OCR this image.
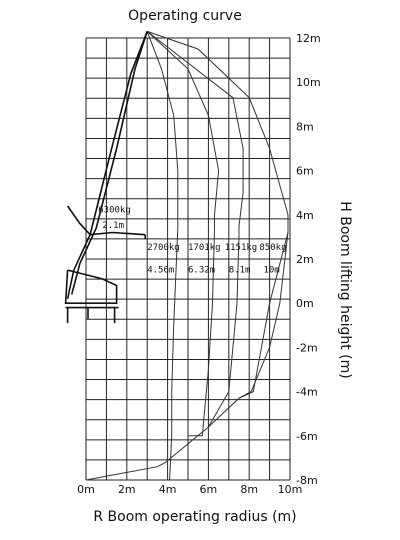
Operating curve
H Boom lifting height (m)
R Boom operating radius (m)
6300kg
2.1m
2700kg
4.56m
1701kg
6.32m
1151kg
8.1m
850kg
10m
0m 2m 4m 6m 8m 10m
-8m
-6m
-4m
-2m
0m
2m
4m
6m
8m
10m
12m
